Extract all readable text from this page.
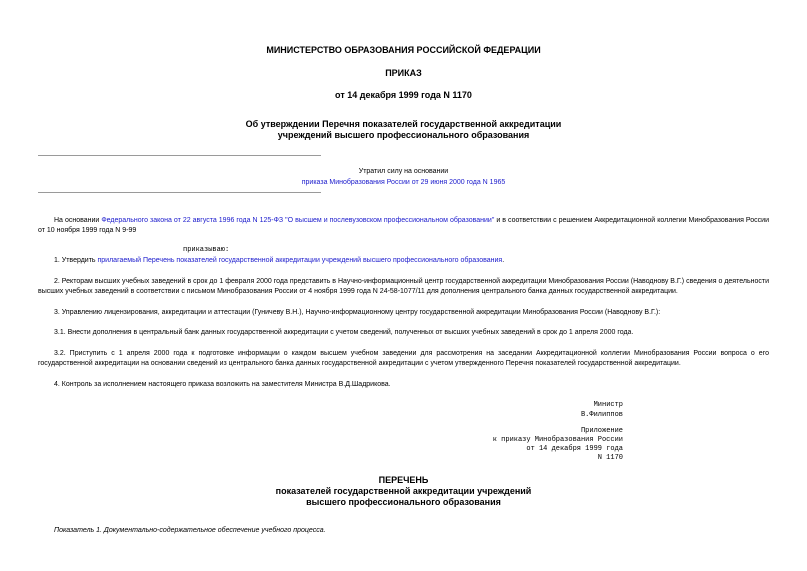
МИНИСТЕРСТВО ОБРАЗОВАНИЯ РОССИЙСКОЙ ФЕДЕРАЦИИ
ПРИКАЗ
от 14 декабря 1999 года N 1170
Об утверждении Перечня показателей государственной аккредитации
учреждений высшего профессионального образования
Утратил силу на основании
приказа Минобразования России от 29 июня 2000 года N 1965
На основании Федерального закона от 22 августа 1996 года N 125-ФЗ "О высшем и послевузовском профессиональном образовании" и в соответствии с решением Аккредитационной коллегии Минобразования России от 10 ноября 1999 года N 9-99
приказываю:
1. Утвердить прилагаемый Перечень показателей государственной аккредитации учреждений высшего профессионального образования.
2. Ректорам высших учебных заведений в срок до 1 февраля 2000 года представить в Научно-информационный центр государственной аккредитации Минобразования России (Наводнову В.Г.) сведения о деятельности высших учебных заведений в соответствии с письмом Минобразования России от 4 ноября 1999 года N 24-58-1077/11 для дополнения центрального банка данных государственной аккредитации.
3. Управлению лицензирования, аккредитации и аттестации (Гуничеву В.Н.), Научно-информационному центру государственной аккредитации Минобразования России (Наводнову В.Г.):
3.1. Внести дополнения в центральный банк данных государственной аккредитации с учетом сведений, полученных от высших учебных заведений в срок до 1 апреля 2000 года.
3.2. Приступить с 1 апреля 2000 года к подготовке информации о каждом высшем учебном заведении для рассмотрения на заседании Аккредитационной коллегии Минобразования России вопроса о его государственной аккредитации на основании сведений из центрального банка данных государственной аккредитации с учетом утвержденного Перечня показателей государственной аккредитации.
4. Контроль за исполнением настоящего приказа возложить на заместителя Министра В.Д.Шадрикова.
Министр
В.Филиппов
Приложение
к приказу Минобразования России
от 14 декабря 1999 года
N 1170
ПЕРЕЧЕНЬ
показателей государственной аккредитации учреждений
высшего профессионального образования
Показатель 1. Документально-содержательное обеспечение учебного процесса.
